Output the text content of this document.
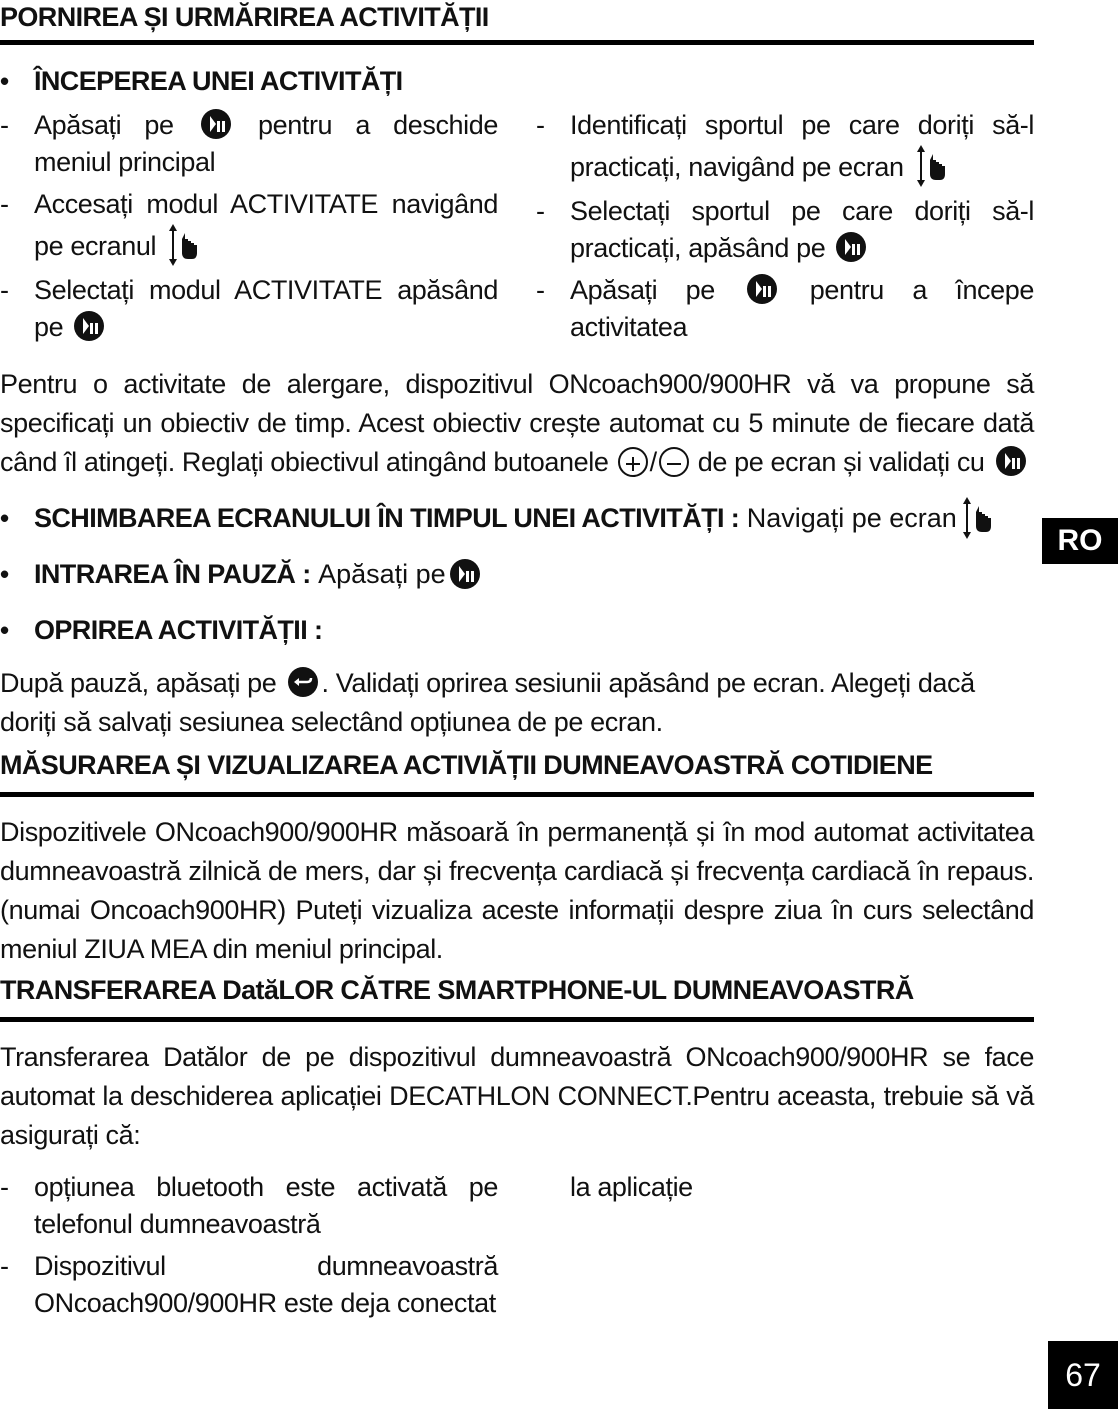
PORNIREA ȘI URMĂRIREA ACTIVITĂȚII
• ÎNCEPEREA UNEI ACTIVITĂȚI
- Apăsați pe	pentru a deschide meniul principal
- Accesați modul ACTIVITATE navigând pe ecranul
- Selectați modul ACTIVITATE apăsând pe
- Identificați sportul pe care doriți să-l practicați, navigând pe ecran
- Selectați sportul pe care doriți să-l practicați, apăsând pe
- Apăsați pe	pentru a începe activitatea

Pentru o activitate de alergare, dispozitivul ONcoach900/900HR vă va propune să specificați un obiectiv de timp. Acest obiectiv crește automat cu 5 minute de fiecare dată când îl atingeți. Reglați obiectivul atingând butoanele / de pe ecran și validați cu

• SCHIMBAREA ECRANULUI ÎN TIMPUL UNEI ACTIVITĂȚI :
Navigați pe ecran
• INTRAREA ÎN PAUZĂ :
Apăsați pe
• OPRIREA ACTIVITĂȚII :

După pauză, apăsați pe . Validați oprirea sesiunii apăsând pe ecran. Alegeți dacă doriți să salvați sesiunea selectând opțiunea de pe ecran.

MĂSURAREA ȘI VIZUALIZAREA ACTIVIĂȚII DUMNEAVOASTRĂ COTIDIENE

Dispozitivele ONcoach900/900HR măsoară în permanență și în mod automat activitatea dumneavoastră zilnică de mers, dar și frecvența cardiacă și frecvența cardiacă în repaus. (numai Oncoach900HR) Puteți vizualiza aceste informații despre ziua în curs selectând meniul ZIUA MEA din meniul principal.

TRANSFERAREA DatăLOR CĂTRE SMARTPHONE-UL DUMNEAVOASTRĂ

Transferarea Datălor de pe dispozitivul dumneavoastră ONcoach900/900HR se face automat la deschiderea aplicației DECATHLON CONNECT.Pentru aceasta, trebuie să vă asigurați că:

- opțiunea bluetooth este activată pe telefonul dumneavoastră
- Dispozitivul dumneavoastră ONcoach900/900HR este deja conectat
la aplicație
RO
67
